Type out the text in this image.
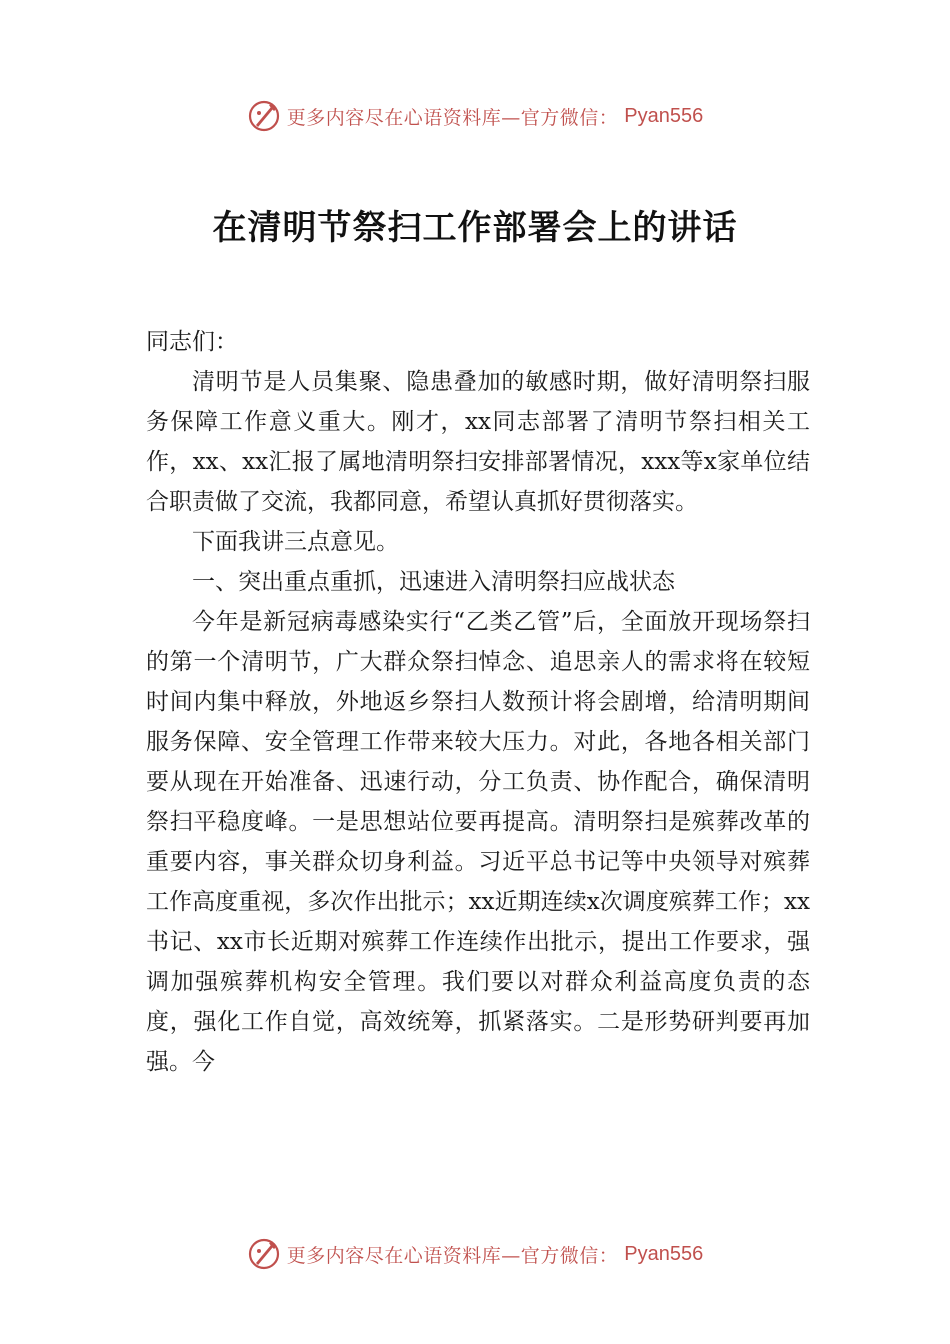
更多内容尽在心语资料库—官方微信： Pyan556
在清明节祭扫工作部署会上的讲话

同志们：

清明节是人员集聚、隐患叠加的敏感时期，做好清明祭扫服务保障工作意义重大。刚才，xx同志部署了清明节祭扫相关工作，xx、xx汇报了属地清明祭扫安排部署情况，xxx等x家单位结合职责做了交流，我都同意，希望认真抓好贯彻落实。

下面我讲三点意见。

一、突出重点重抓，迅速进入清明祭扫应战状态

今年是新冠病毒感染实行“乙类乙管”后，全面放开现场祭扫的第一个清明节，广大群众祭扫悼念、追思亲人的需求将在较短时间内集中释放，外地返乡祭扫人数预计将会剧增，给清明期间服务保障、安全管理工作带来较大压力。对此，各地各相关部门要从现在开始准备、迅速行动，分工负责、协作配合，确保清明祭扫平稳度峰。一是思想站位要再提高。清明祭扫是殡葬改革的重要内容，事关群众切身利益。习近平总书记等中央领导对殡葬工作高度重视，多次作出批示；xx近期连续x次调度殡葬工作；xx书记、xx市长近期对殡葬工作连续作出批示，提出工作要求，强调加强殡葬机构安全管理。我们要以对群众利益高度负责的态度，强化工作自觉，高效统筹，抓紧落实。二是形势研判要再加强。今

更多内容尽在心语资料库—官方微信： Pyan556
